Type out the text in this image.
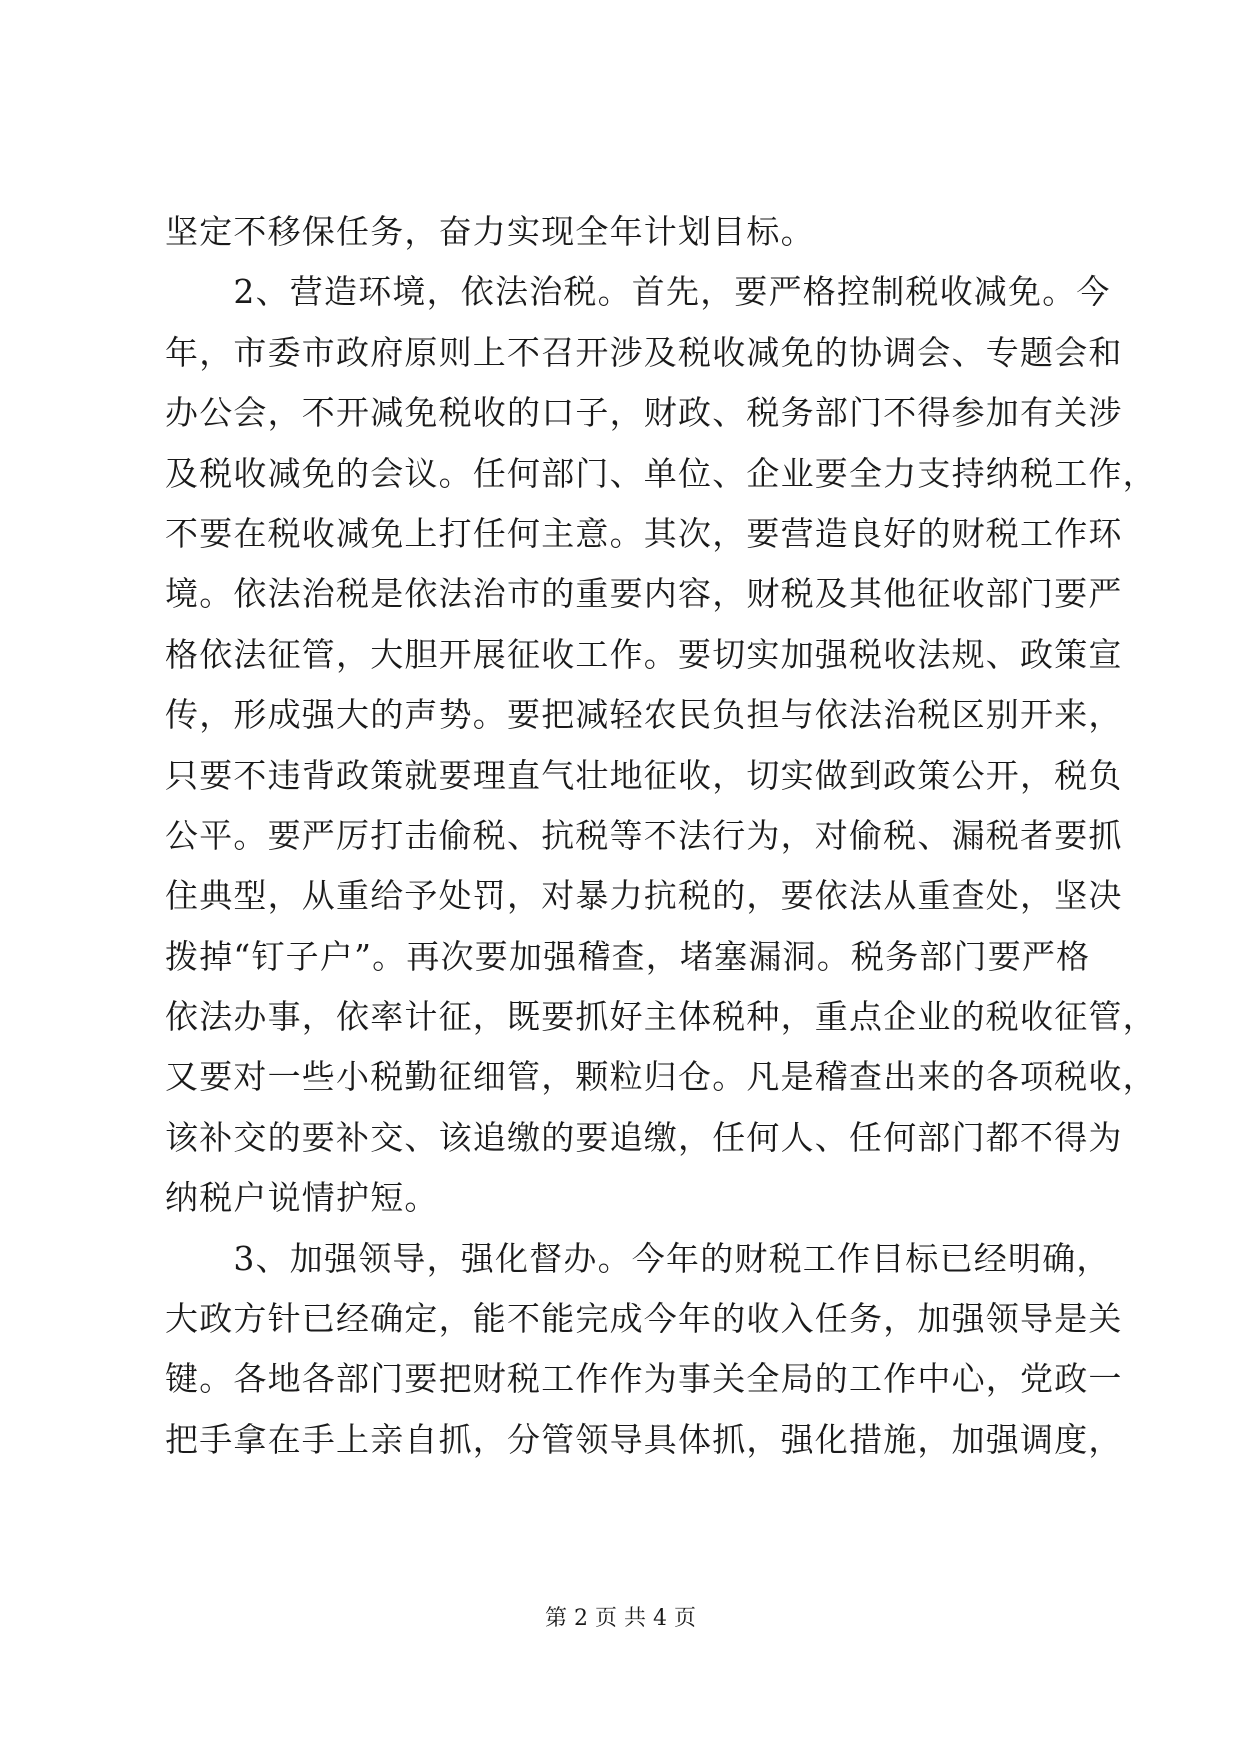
坚定不移保任务，奋力实现全年计划目标。
　　2、营造环境，依法治税。首先，要严格控制税收减免。今
年，市委市政府原则上不召开涉及税收减免的协调会、专题会和
办公会，不开减免税收的口子，财政、税务部门不得参加有关涉
及税收减免的会议。任何部门、单位、企业要全力支持纳税工作，
不要在税收减免上打任何主意。其次，要营造良好的财税工作环
境。依法治税是依法治市的重要内容，财税及其他征收部门要严
格依法征管，大胆开展征收工作。要切实加强税收法规、政策宣
传，形成强大的声势。要把减轻农民负担与依法治税区别开来，
只要不违背政策就要理直气壮地征收，切实做到政策公开，税负
公平。要严厉打击偷税、抗税等不法行为，对偷税、漏税者要抓
住典型，从重给予处罚，对暴力抗税的，要依法从重查处，坚决
拨掉“钉子户”。再次要加强稽查，堵塞漏洞。税务部门要严格
依法办事，依率计征，既要抓好主体税种，重点企业的税收征管，
又要对一些小税勤征细管，颗粒归仓。凡是稽查出来的各项税收，
该补交的要补交、该追缴的要追缴，任何人、任何部门都不得为
纳税户说情护短。
　　3、加强领导，强化督办。今年的财税工作目标已经明确，
大政方针已经确定，能不能完成今年的收入任务，加强领导是关
键。各地各部门要把财税工作作为事关全局的工作中心，党政一
把手拿在手上亲自抓，分管领导具体抓，强化措施，加强调度，
第 2 页 共 4 页
